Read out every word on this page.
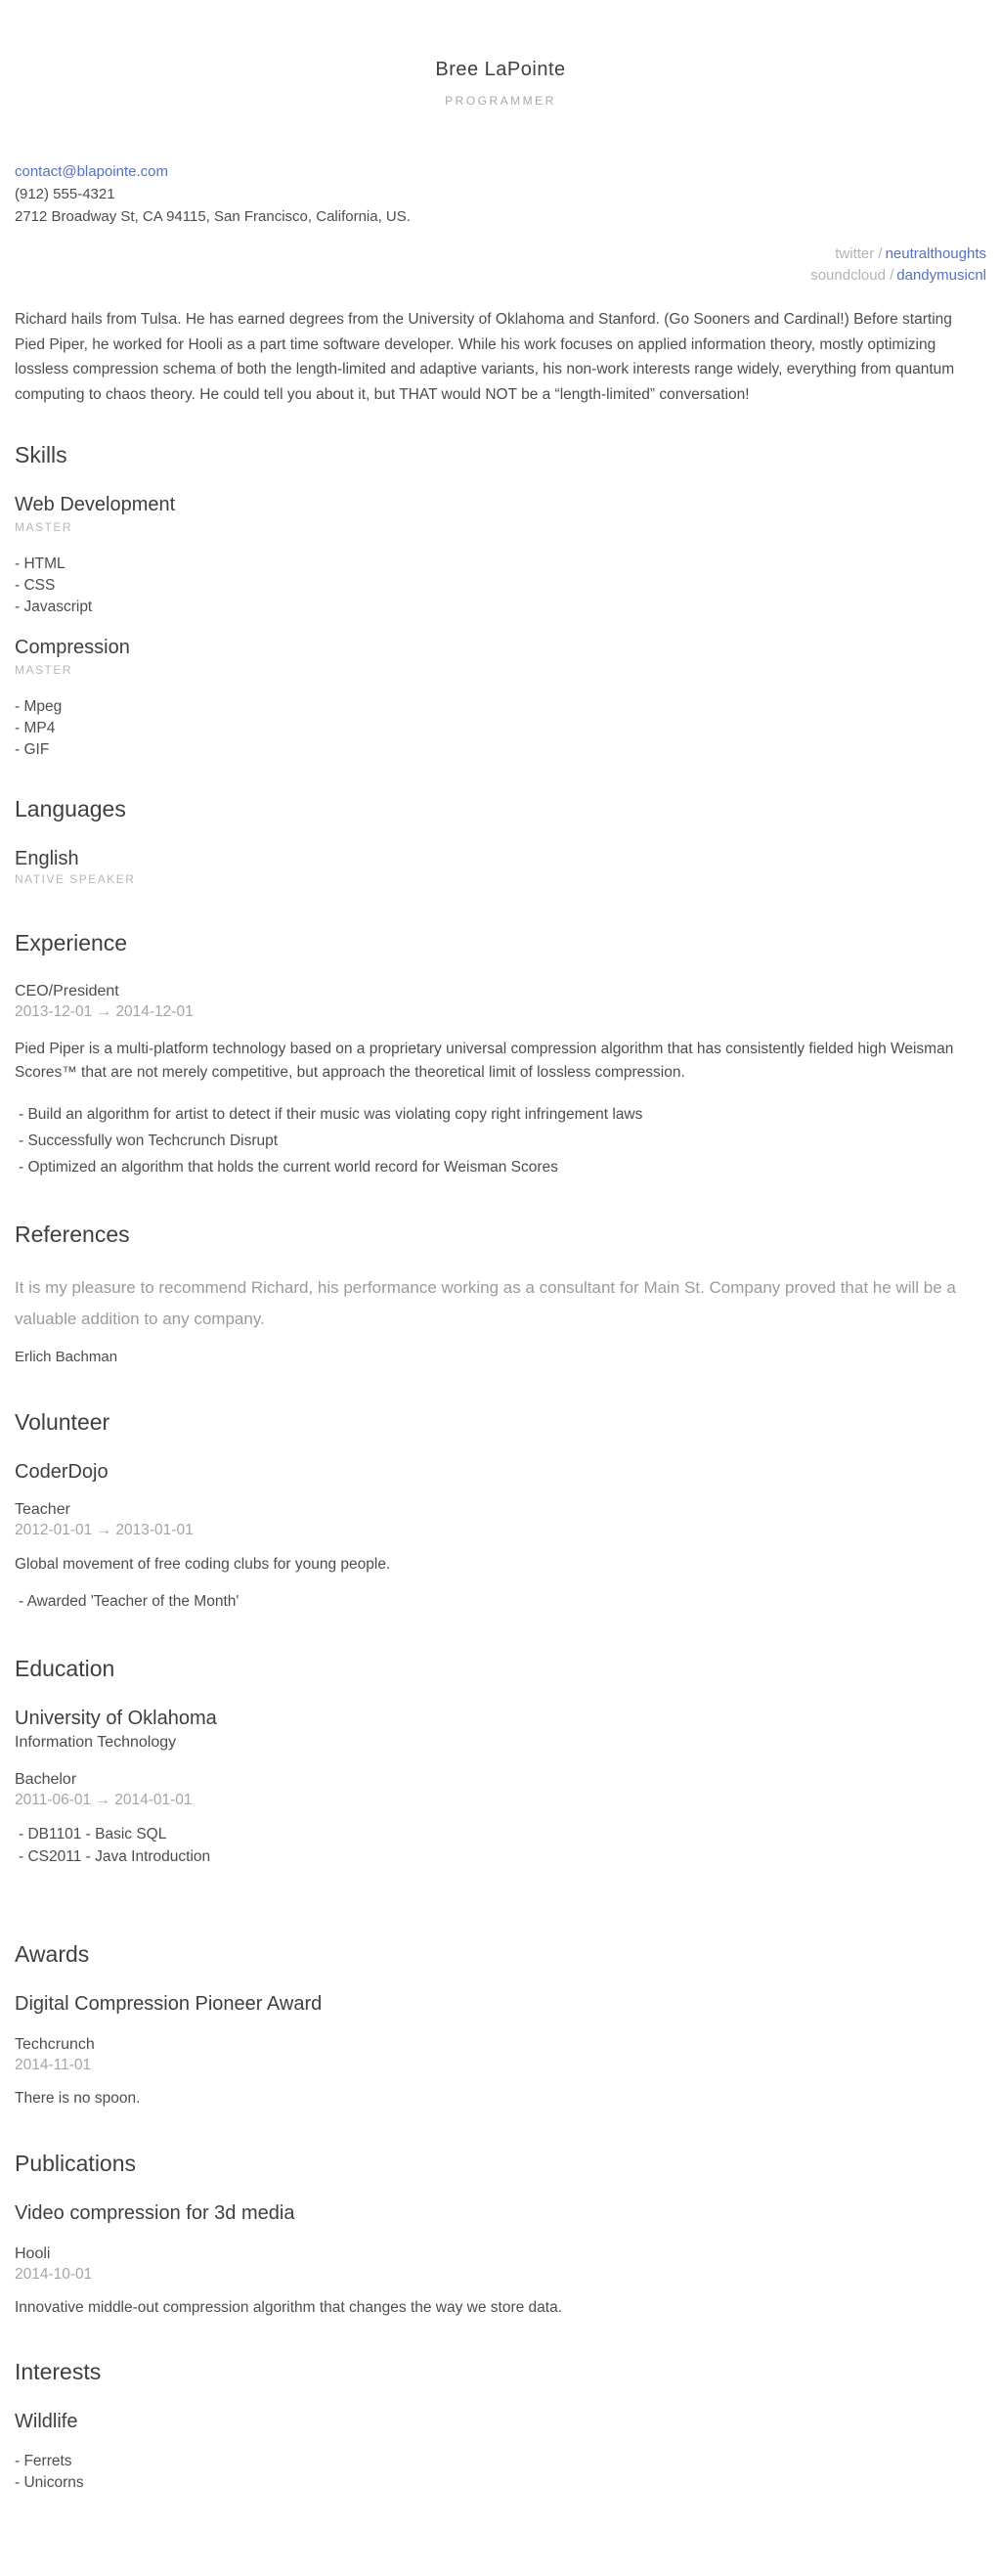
Bree LaPointe
PROGRAMMER
contact@blapointe.com
(912) 555-4321
2712 Broadway St, CA 94115, San Francisco, California, US.
twitter / neutralthoughts
soundcloud / dandymusicnl

Richard hails from Tulsa. He has earned degrees from the University of Oklahoma and Stanford. (Go Sooners and Cardinal!) Before starting Pied Piper, he worked for Hooli as a part time software developer. While his work focuses on applied information theory, mostly optimizing lossless compression schema of both the length-limited and adaptive variants, his non-work interests range widely, everything from quantum computing to chaos theory. He could tell you about it, but THAT would NOT be a “length-limited” conversation!

Skills
Web Development
MASTER
- HTML
- CSS
- Javascript
Compression
MASTER
- Mpeg
- MP4
- GIF
Languages
English
NATIVE SPEAKER
Experience
CEO/President
2013-12-01 → 2014-12-01

Pied Piper is a multi-platform technology based on a proprietary universal compression algorithm that has consistently fielded high Weisman Scores™ that are not merely competitive, but approach the theoretical limit of lossless compression.

- Build an algorithm for artist to detect if their music was violating copy right infringement laws
- Successfully won Techcrunch Disrupt
- Optimized an algorithm that holds the current world record for Weisman Scores
References

It is my pleasure to recommend Richard, his performance working as a consultant for Main St. Company proved that he will be a valuable addition to any company.

Erlich Bachman
Volunteer
CoderDojo
Teacher
2012-01-01 → 2013-01-01

Global movement of free coding clubs for young people.

- Awarded 'Teacher of the Month'
Education
University of Oklahoma
Information Technology
Bachelor
2011-06-01 → 2014-01-01
- DB1101 - Basic SQL
- CS2011 - Java Introduction
Awards
Digital Compression Pioneer Award
Techcrunch
2014-11-01
There is no spoon.
Publications
Video compression for 3d media
Hooli
2014-10-01
Innovative middle-out compression algorithm that changes the way we store data.
Interests
Wildlife
- Ferrets
- Unicorns
